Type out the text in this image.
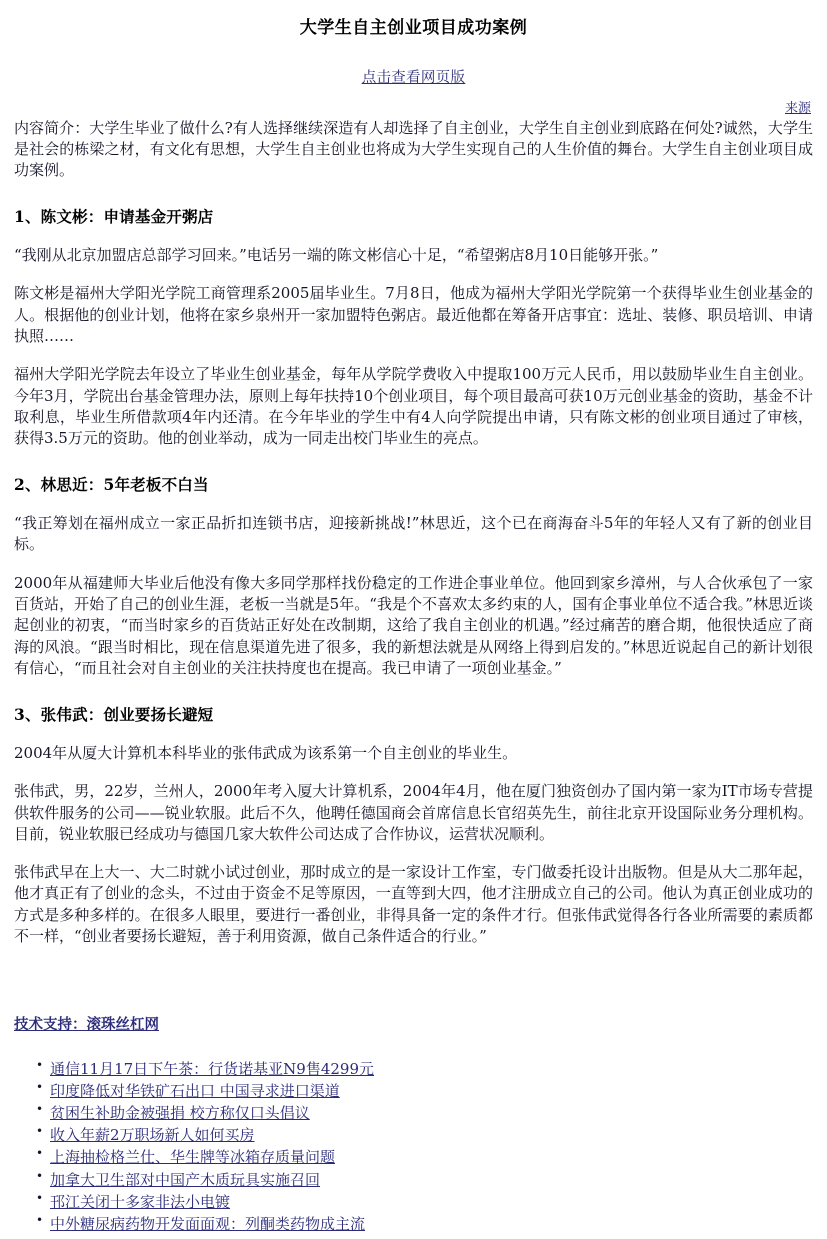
大学生自主创业项目成功案例
点击查看网页版
来源

内容简介：大学生毕业了做什么?有人选择继续深造有人却选择了自主创业，大学生自主创业到底路在何处?诚然，大学生是社会的栋梁之材，有文化有思想，大学生自主创业也将成为大学生实现自己的人生价值的舞台。大学生自主创业项目成功案例。

1、陈文彬：申请基金开粥店

“我刚从北京加盟店总部学习回来。”电话另一端的陈文彬信心十足，“希望粥店8月10日能够开张。”

陈文彬是福州大学阳光学院工商管理系2005届毕业生。7月8日，他成为福州大学阳光学院第一个获得毕业生创业基金的人。根据他的创业计划，他将在家乡泉州开一家加盟特色粥店。最近他都在筹备开店事宜：选址、装修、职员培训、申请执照……

福州大学阳光学院去年设立了毕业生创业基金，每年从学院学费收入中提取100万元人民币，用以鼓励毕业生自主创业。今年3月，学院出台基金管理办法，原则上每年扶持10个创业项目，每个项目最高可获10万元创业基金的资助，基金不计取利息，毕业生所借款项4年内还清。在今年毕业的学生中有4人向学院提出申请，只有陈文彬的创业项目通过了审核，获得3.5万元的资助。他的创业举动，成为一同走出校门毕业生的亮点。

2、林思近：5年老板不白当

“我正筹划在福州成立一家正品折扣连锁书店，迎接新挑战!”林思近，这个已在商海奋斗5年的年轻人又有了新的创业目标。

2000年从福建师大毕业后他没有像大多同学那样找份稳定的工作进企事业单位。他回到家乡漳州，与人合伙承包了一家百货站，开始了自己的创业生涯，老板一当就是5年。“我是个不喜欢太多约束的人，国有企事业单位不适合我。”林思近谈起创业的初衷，“而当时家乡的百货站正好处在改制期，这给了我自主创业的机遇。”经过痛苦的磨合期，他很快适应了商海的风浪。“跟当时相比，现在信息渠道先进了很多，我的新想法就是从网络上得到启发的。”林思近说起自己的新计划很有信心，“而且社会对自主创业的关注扶持度也在提高。我已申请了一项创业基金。”

3、张伟武：创业要扬长避短

2004年从厦大计算机本科毕业的张伟武成为该系第一个自主创业的毕业生。

张伟武，男，22岁，兰州人，2000年考入厦大计算机系，2004年4月，他在厦门独资创办了国内第一家为IT市场专营提供软件服务的公司——锐业软服。此后不久，他聘任德国商会首席信息长官绍英先生，前往北京开设国际业务分理机构。目前，锐业软服已经成功与德国几家大软件公司达成了合作协议，运营状况顺利。

张伟武早在上大一、大二时就小试过创业，那时成立的是一家设计工作室，专门做委托设计出版物。但是从大二那年起，他才真正有了创业的念头，不过由于资金不足等原因，一直等到大四，他才注册成立自己的公司。他认为真正创业成功的方式是多种多样的。在很多人眼里，要进行一番创业，非得具备一定的条件才行。但张伟武觉得各行各业所需要的素质都不一样，“创业者要扬长避短，善于利用资源，做自己条件适合的行业。”

技术支持：滚珠丝杠网
• 通信11月17日下午茶：行货诺基亚N9售4299元
• 印度降低对华铁矿石出口 中国寻求进口渠道
• 贫困生补助金被强捐 校方称仅口头倡议
• 收入年薪2万职场新人如何买房
• 上海抽检格兰仕、华生牌等冰箱存质量问题
• 加拿大卫生部对中国产木质玩具实施召回
• 邗江关闭十多家非法小电镀
• 中外糖尿病药物开发面面观：列酮类药物成主流
